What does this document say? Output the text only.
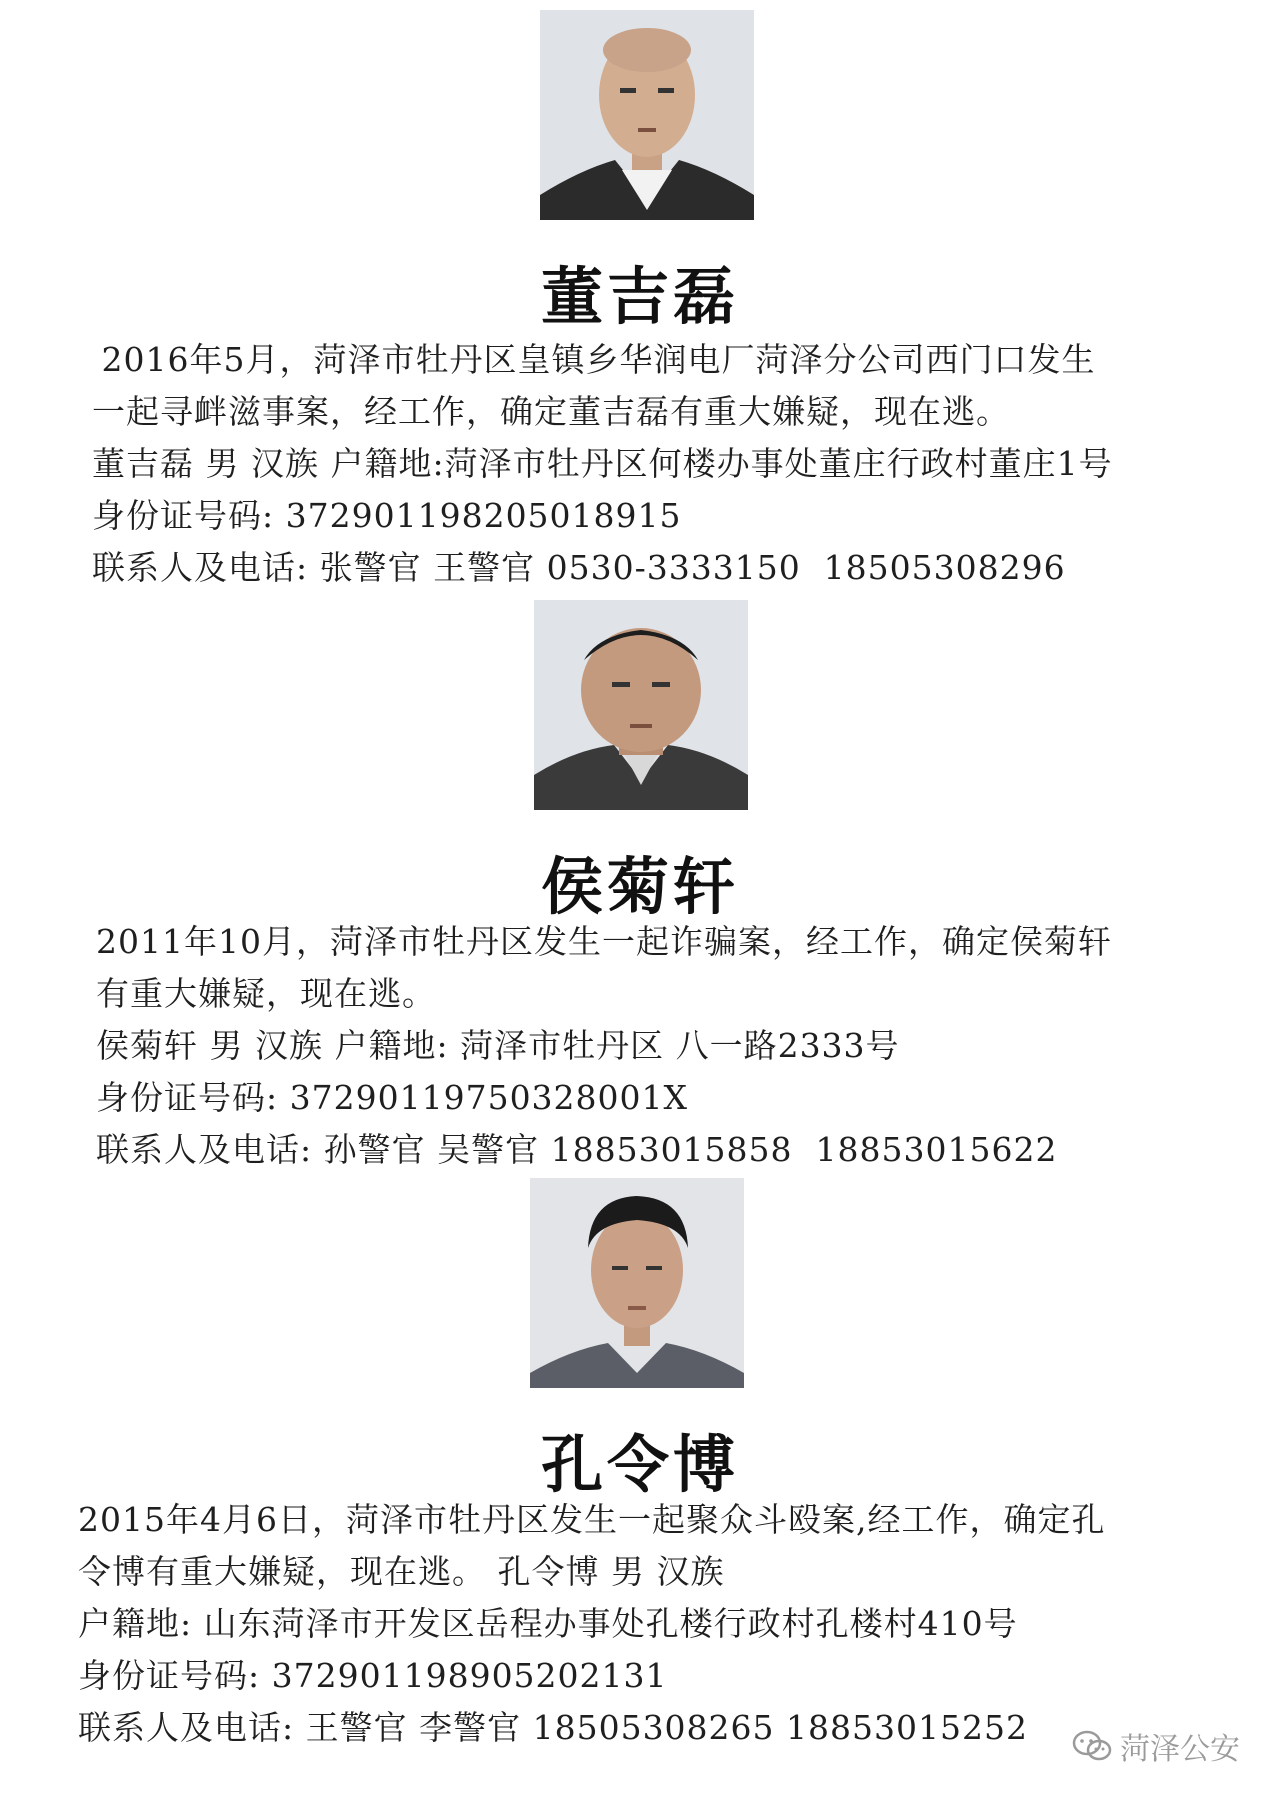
董吉磊
2016年5月，菏泽市牡丹区皇镇乡华润电厂菏泽分公司西门口发生
一起寻衅滋事案，经工作，确定董吉磊有重大嫌疑，现在逃。
董吉磊 男 汉族 户籍地:菏泽市牡丹区何楼办事处董庄行政村董庄1号
身份证号码: 372901198205018915
联系人及电话: 张警官 王警官 0530-3333150  18505308296
侯菊轩
2011年10月，菏泽市牡丹区发生一起诈骗案，经工作，确定侯菊轩
有重大嫌疑，现在逃。
侯菊轩 男 汉族 户籍地: 菏泽市牡丹区 八一路2333号
身份证号码: 37290119750328001X
联系人及电话: 孙警官 吴警官 18853015858  18853015622
孔令博
2015年4月6日，菏泽市牡丹区发生一起聚众斗殴案,经工作，确定孔
令博有重大嫌疑，现在逃。 孔令博 男 汉族
户籍地: 山东菏泽市开发区岳程办事处孔楼行政村孔楼村410号
身份证号码: 372901198905202131
联系人及电话: 王警官 李警官 18505308265 18853015252
菏泽公安
